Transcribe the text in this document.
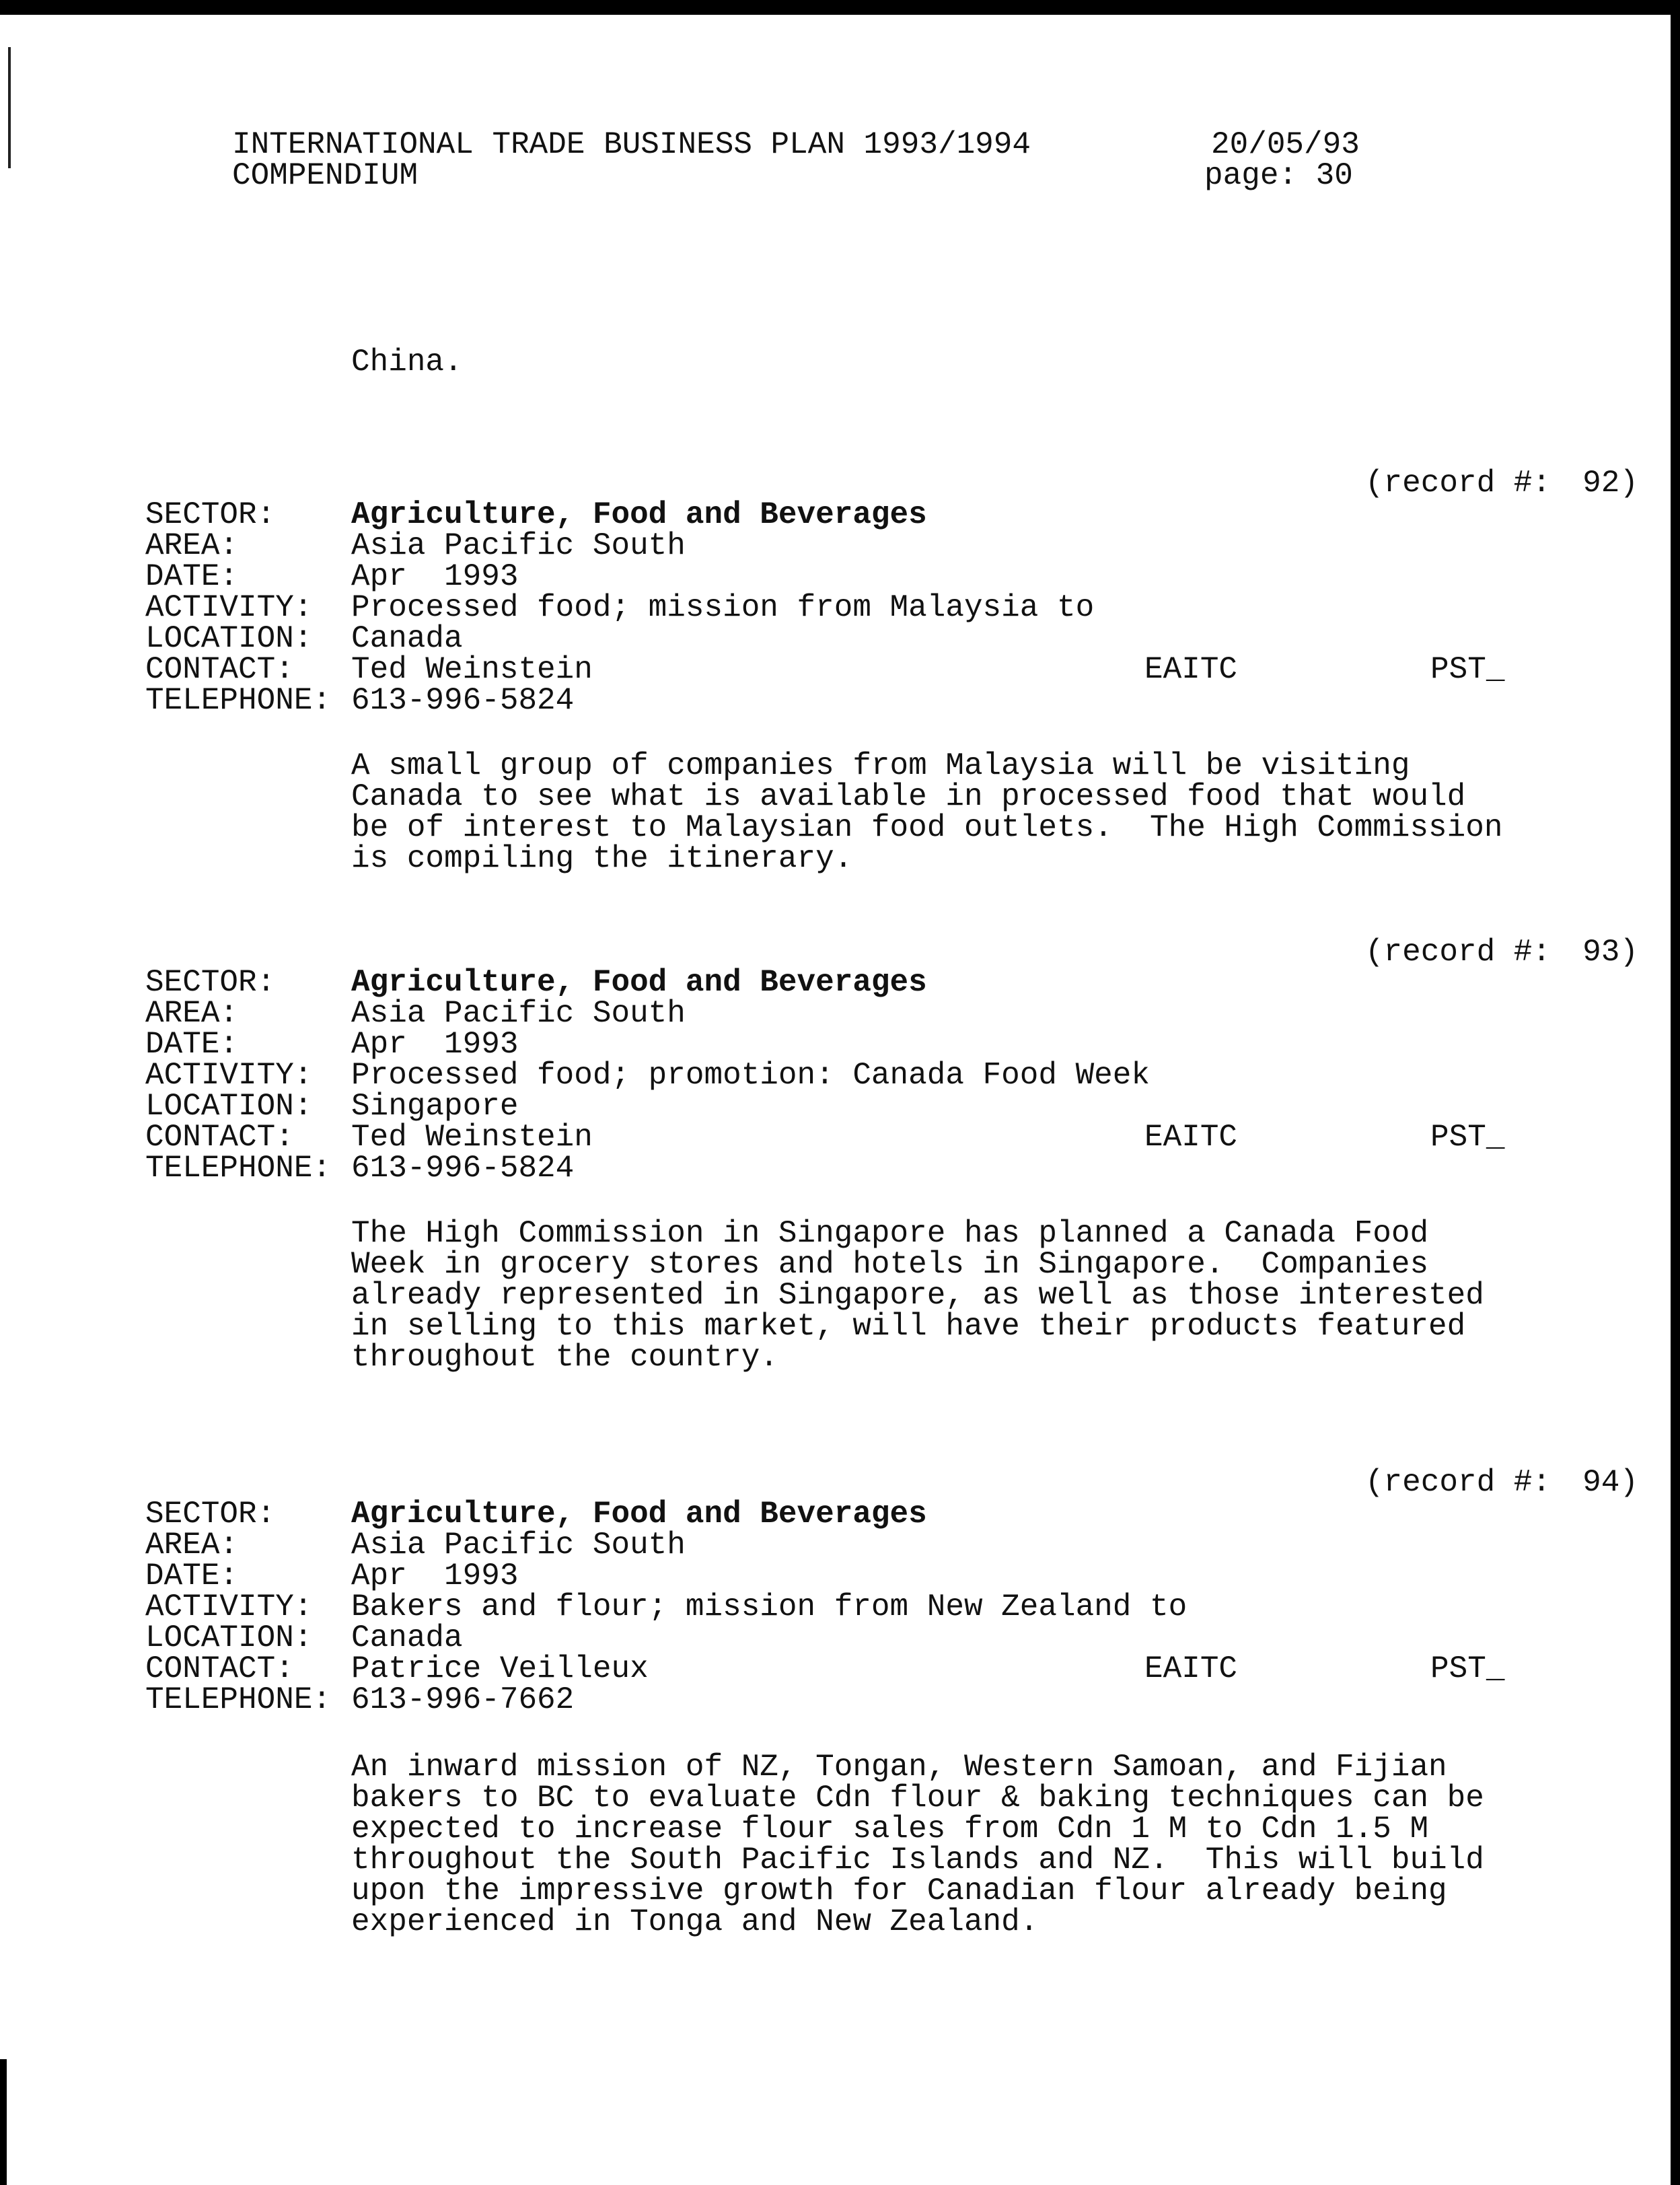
INTERNATIONAL TRADE BUSINESS PLAN 1993/1994
COMPENDIUM
20/05/93
page: 30
China.
(record #: 92)
SECTOR: Agriculture, Food and Beverages
AREA:	Asia Pacific South
DATE:	Apr  1993
ACTIVITY: Processed food; mission from Malaysia to
LOCATION: Canada
CONTACT: Ted Weinstein	EAITC	PST_
TELEPHONE: 613-996-5824
A small group of companies from Malaysia will be visiting
Canada to see what is available in processed food that would
be of interest to Malaysian food outlets.  The High Commission
is compiling the itinerary.
(record #: 93)
SECTOR: Agriculture, Food and Beverages
AREA:	Asia Pacific South
DATE:	Apr  1993
ACTIVITY: Processed food; promotion: Canada Food Week
LOCATION: Singapore
CONTACT: Ted Weinstein	EAITC	PST_
TELEPHONE: 613-996-5824
The High Commission in Singapore has planned a Canada Food
Week in grocery stores and hotels in Singapore.  Companies
already represented in Singapore, as well as those interested
in selling to this market, will have their products featured
throughout the country.
(record #: 94)
SECTOR: Agriculture, Food and Beverages
AREA:	Asia Pacific South
DATE:	Apr  1993
ACTIVITY: Bakers and flour; mission from New Zealand to
LOCATION: Canada
CONTACT: Patrice Veilleux	EAITC	PST_
TELEPHONE: 613-996-7662
An inward mission of NZ, Tongan, Western Samoan, and Fijian
bakers to BC to evaluate Cdn flour & baking techniques can be
expected to increase flour sales from Cdn 1 M to Cdn 1.5 M
throughout the South Pacific Islands and NZ.  This will build
upon the impressive growth for Canadian flour already being
experienced in Tonga and New Zealand.
